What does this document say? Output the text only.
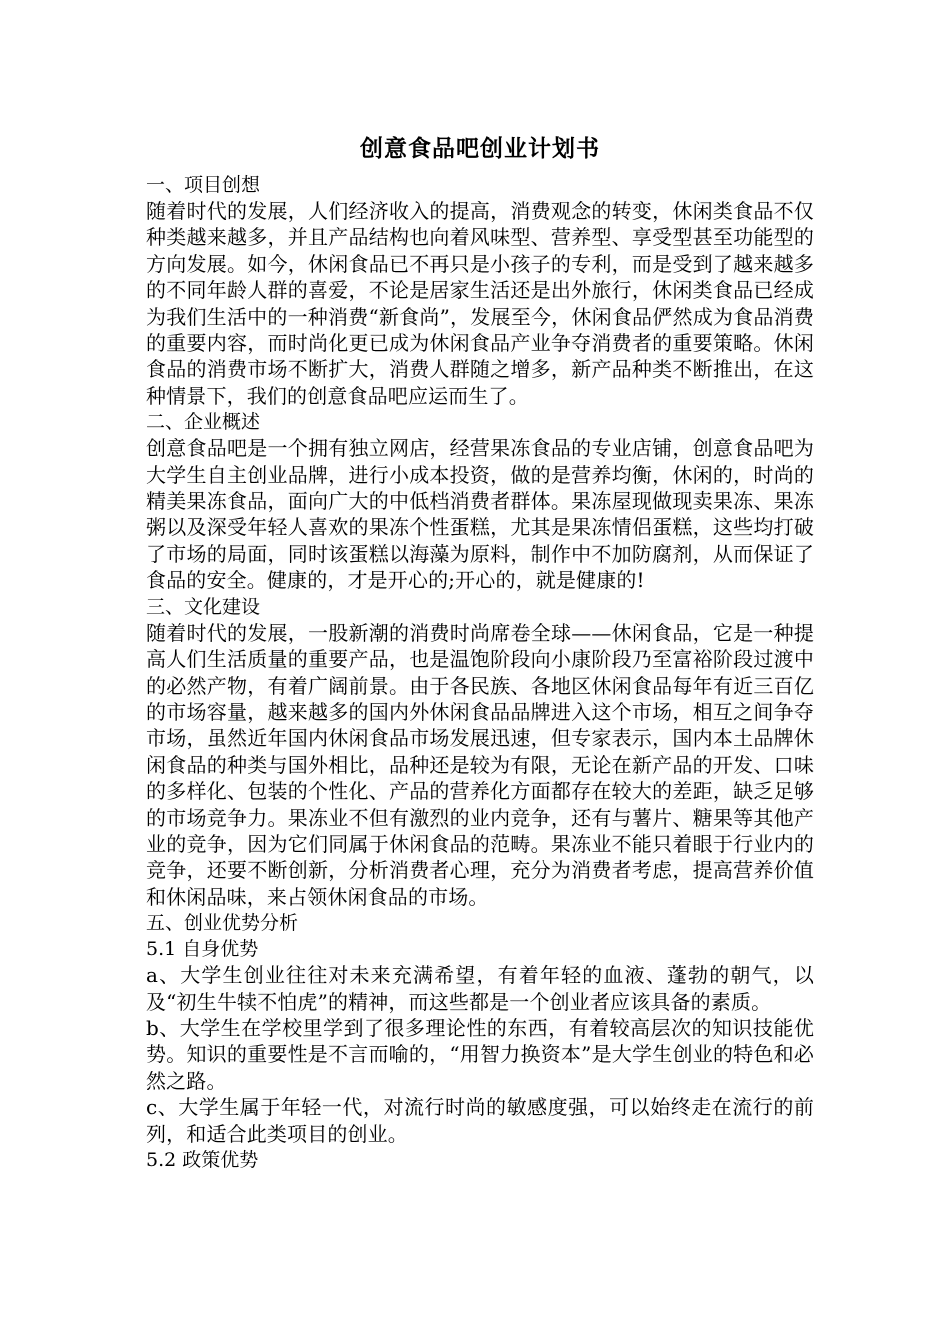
创意食品吧创业计划书

一、项目创想

随着时代的发展，人们经济收入的提高，消费观念的转变，休闲类食品不仅种类越来越多，并且产品结构也向着风味型、营养型、享受型甚至功能型的方向发展。如今，休闲食品已不再只是小孩子的专利，而是受到了越来越多的不同年龄人群的喜爱，不论是居家生活还是出外旅行，休闲类食品已经成为我们生活中的一种消费“新食尚”，发展至今，休闲食品俨然成为食品消费的重要内容，而时尚化更已成为休闲食品产业争夺消费者的重要策略。休闲食品的消费市场不断扩大，消费人群随之增多，新产品种类不断推出，在这种情景下，我们的创意食品吧应运而生了。

二、企业概述

创意食品吧是一个拥有独立网店，经营果冻食品的专业店铺，创意食品吧为大学生自主创业品牌，进行小成本投资，做的是营养均衡，休闲的，时尚的精美果冻食品，面向广大的中低档消费者群体。果冻屋现做现卖果冻、果冻粥以及深受年轻人喜欢的果冻个性蛋糕，尤其是果冻情侣蛋糕，这些均打破了市场的局面，同时该蛋糕以海藻为原料，制作中不加防腐剂，从而保证了食品的安全。健康的，才是开心的;开心的，就是健康的!

三、文化建设

随着时代的发展，一股新潮的消费时尚席卷全球——休闲食品，它是一种提高人们生活质量的重要产品，也是温饱阶段向小康阶段乃至富裕阶段过渡中的必然产物，有着广阔前景。由于各民族、各地区休闲食品每年有近三百亿的市场容量，越来越多的国内外休闲食品品牌进入这个市场，相互之间争夺市场，虽然近年国内休闲食品市场发展迅速，但专家表示，国内本土品牌休闲食品的种类与国外相比，品种还是较为有限，无论在新产品的开发、口味的多样化、包装的个性化、产品的营养化方面都存在较大的差距，缺乏足够的市场竞争力。果冻业不但有激烈的业内竞争，还有与薯片、糖果等其他产业的竞争，因为它们同属于休闲食品的范畴。果冻业不能只着眼于行业内的竞争，还要不断创新，分析消费者心理，充分为消费者考虑，提高营养价值和休闲品味，来占领休闲食品的市场。

五、创业优势分析

5.1 自身优势

a、大学生创业往往对未来充满希望，有着年轻的血液、蓬勃的朝气，以及“初生牛犊不怕虎”的精神，而这些都是一个创业者应该具备的素质。

b、大学生在学校里学到了很多理论性的东西，有着较高层次的知识技能优势。知识的重要性是不言而喻的，“用智力换资本”是大学生创业的特色和必然之路。

c、大学生属于年轻一代，对流行时尚的敏感度强，可以始终走在流行的前列，和适合此类项目的创业。

5.2 政策优势
